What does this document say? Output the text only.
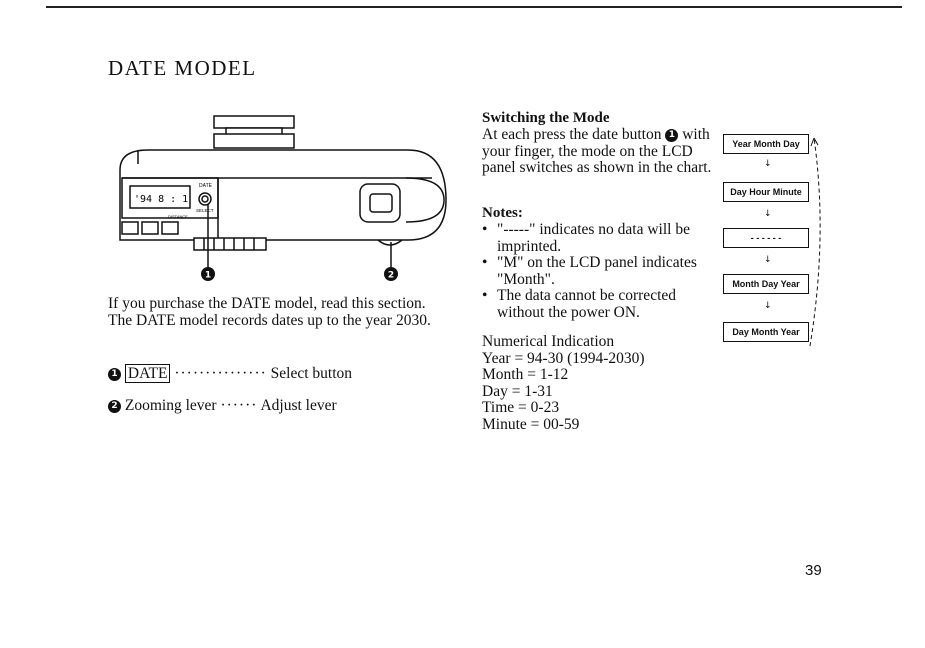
DATE MODEL
'94 8 : 1
DATE
SELECT
DISTANCE
1	2
If you purchase the DATE model, read this section. The DATE model records dates up to the year 2030.
1 DATE ··············· Select button
2 Zooming lever ······ Adjust lever
Switching the Mode
At each press the date button 1 with your finger, the mode on the LCD panel switches as shown in the chart.
Notes:
• "-----" indicates no data will be imprinted.
• "M" on the LCD panel indicates "Month".
• The data cannot be corrected without the power ON.
Numerical Indication
Year = 94-30 (1994-2030)
Month = 1-12
Day = 1-31
Time = 0-23
Minute = 00-59
Year Month Day
↓
Day Hour Minute
↓
- - - - - -
↓
Month Day Year
↓
Day Month Year
39
